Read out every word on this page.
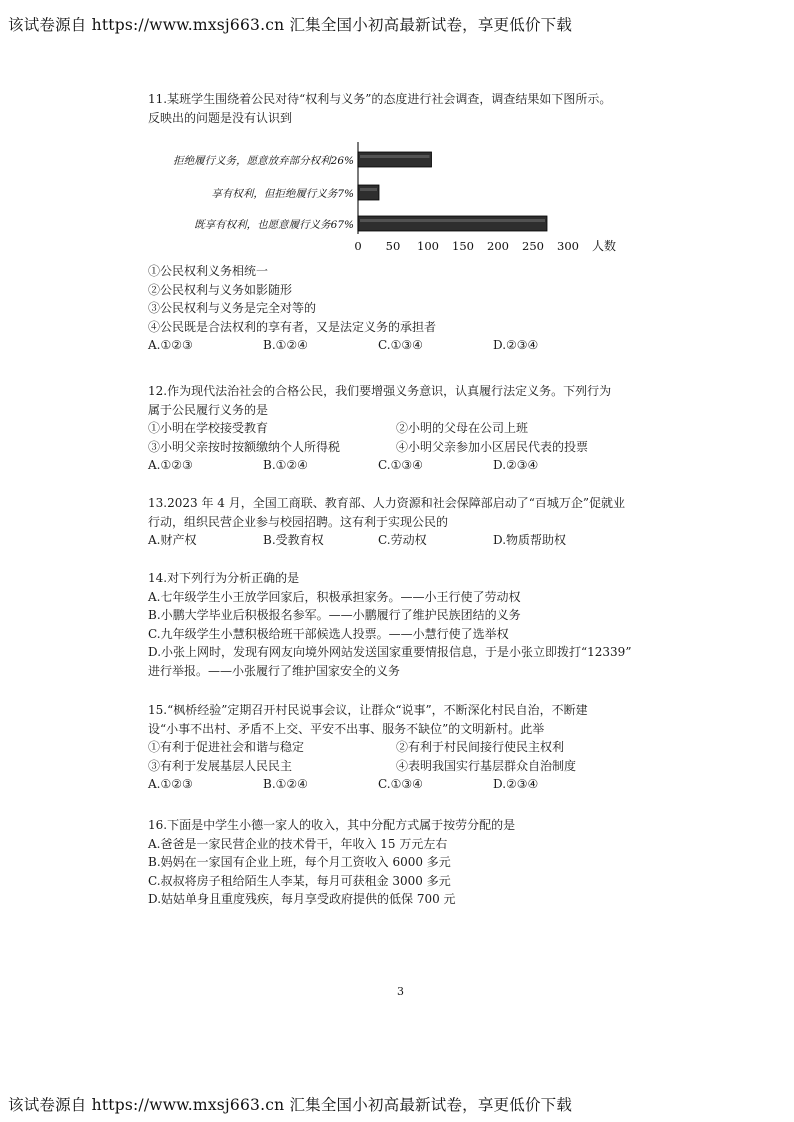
该试卷源自 https://www.mxsj663.cn 汇集全国小初高最新试卷，享更低价下载
11.某班学生围绕着公民对待“权利与义务”的态度进行社会调查，调查结果如下图所示。
反映出的问题是没有认识到
拒绝履行义务，愿意放弃部分权利26%
享有权利，但拒绝履行义务7%
既享有权利，也愿意履行义务67%
0 50 100 150 200 250 300 人数
①公民权利义务相统一
②公民权利与义务如影随形
③公民权利与义务是完全对等的
④公民既是合法权利的享有者，又是法定义务的承担者
A.①②③	B.①②④	C.①③④	D.②③④
12.作为现代法治社会的合格公民，我们要增强义务意识，认真履行法定义务。下列行为
属于公民履行义务的是
①小明在学校接受教育	②小明的父母在公司上班
③小明父亲按时按额缴纳个人所得税	④小明父亲参加小区居民代表的投票
A.①②③	B.①②④	C.①③④	D.②③④
13.2023 年 4 月，全国工商联、教育部、人力资源和社会保障部启动了“百城万企”促就业
行动，组织民营企业参与校园招聘。这有利于实现公民的
A.财产权	B.受教育权	C.劳动权	D.物质帮助权
14.对下列行为分析正确的是
A.七年级学生小王放学回家后，积极承担家务。——小王行使了劳动权
B.小鹏大学毕业后积极报名参军。——小鹏履行了维护民族团结的义务
C.九年级学生小慧积极给班干部候选人投票。——小慧行使了选举权
D.小张上网时，发现有网友向境外网站发送国家重要情报信息，于是小张立即拨打“12339”
进行举报。——小张履行了维护国家安全的义务
15.“枫桥经验”定期召开村民说事会议，让群众“说事”，不断深化村民自治，不断建
设“小事不出村、矛盾不上交、平安不出事、服务不缺位”的文明新村。此举
①有利于促进社会和谐与稳定	②有利于村民间接行使民主权利
③有利于发展基层人民民主	④表明我国实行基层群众自治制度
A.①②③	B.①②④	C.①③④	D.②③④
16.下面是中学生小德一家人的收入，其中分配方式属于按劳分配的是
A.爸爸是一家民营企业的技术骨干，年收入 15 万元左右
B.妈妈在一家国有企业上班，每个月工资收入 6000 多元
C.叔叔将房子租给陌生人李某，每月可获租金 3000 多元
D.姑姑单身且重度残疾，每月享受政府提供的低保 700 元
3
该试卷源自 https://www.mxsj663.cn 汇集全国小初高最新试卷，享更低价下载
